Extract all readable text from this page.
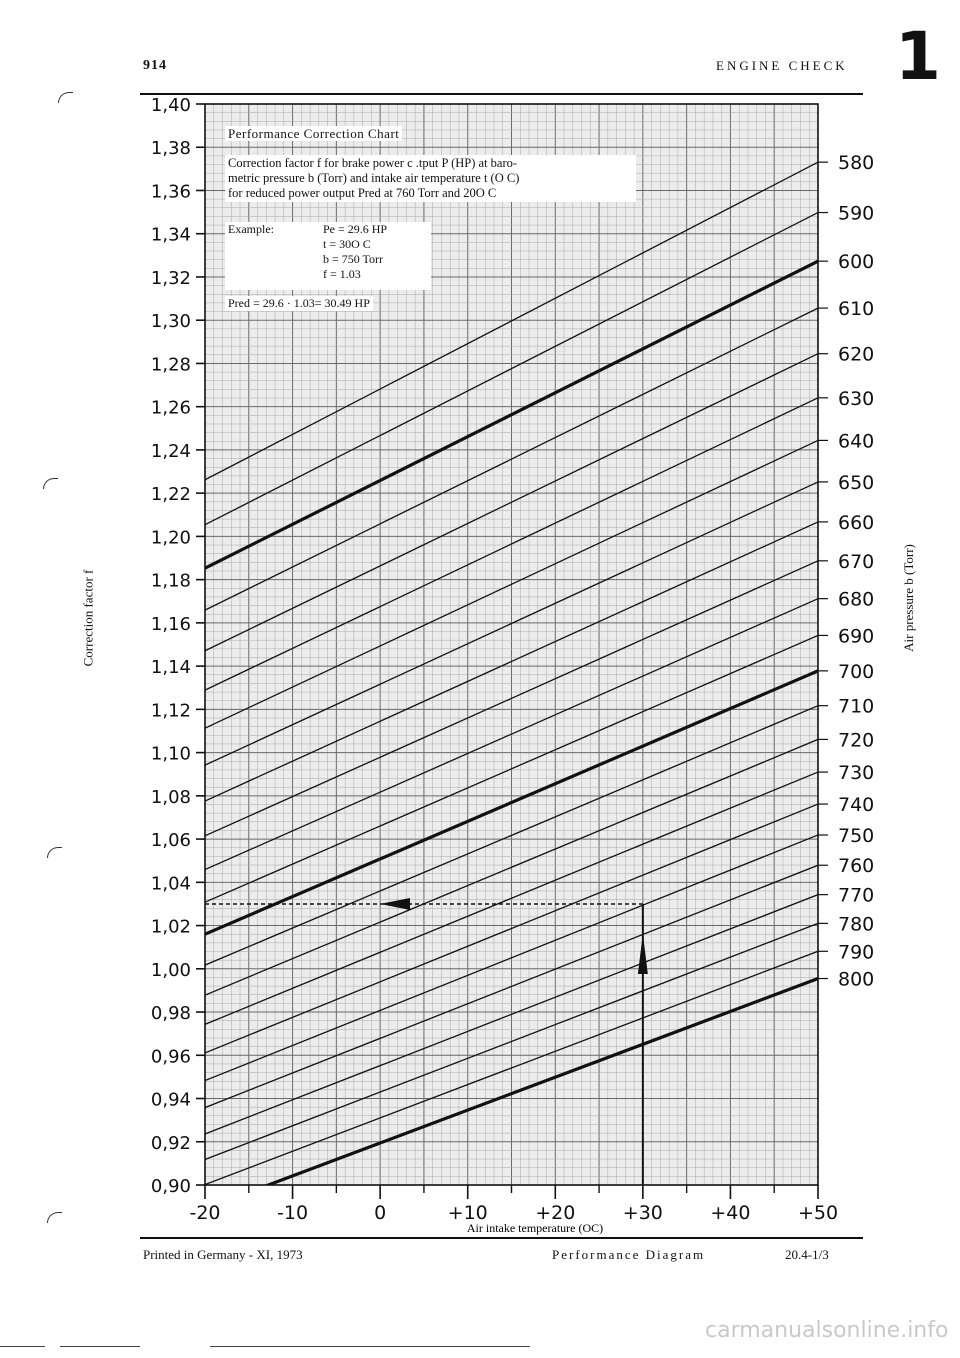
914	ENGINE CHECK 1
Correction factor f	Air pressure b (Torr)
1,40
1,38
1,36
1,34
1,32
1,30
1,28
1,26
1,24
1,22
1,20
1,18
1,16
1,14
1,12
1,10
1,08
1,06
1,04
1,02
1,00
0,98
0,96
0,94
0,92
0,90
-20	-10	0	+10 +20 +30 +40 +50
580
590
600
610
620
630
640
650
660
670
680
690
700
710
720
730
740
750
760
770
780
790
800
Air intake temperature (OC)
Performance Correction Chart
Correction factor f for brake power c .tput P (HP) at baro-
metric pressure b (Torr) and intake air temperature t (O C)
for reduced power output Pred at 760 Torr and 20O C
Example:	Pe = 29.6 HP
t = 30O C
b = 750 Torr
f = 1.03
Pred = 29.6 · 1.03= 30.49 HP
Printed in Germany - XI, 1973	Performance Diagram	20.4-1/3
carmanualsonline.info
